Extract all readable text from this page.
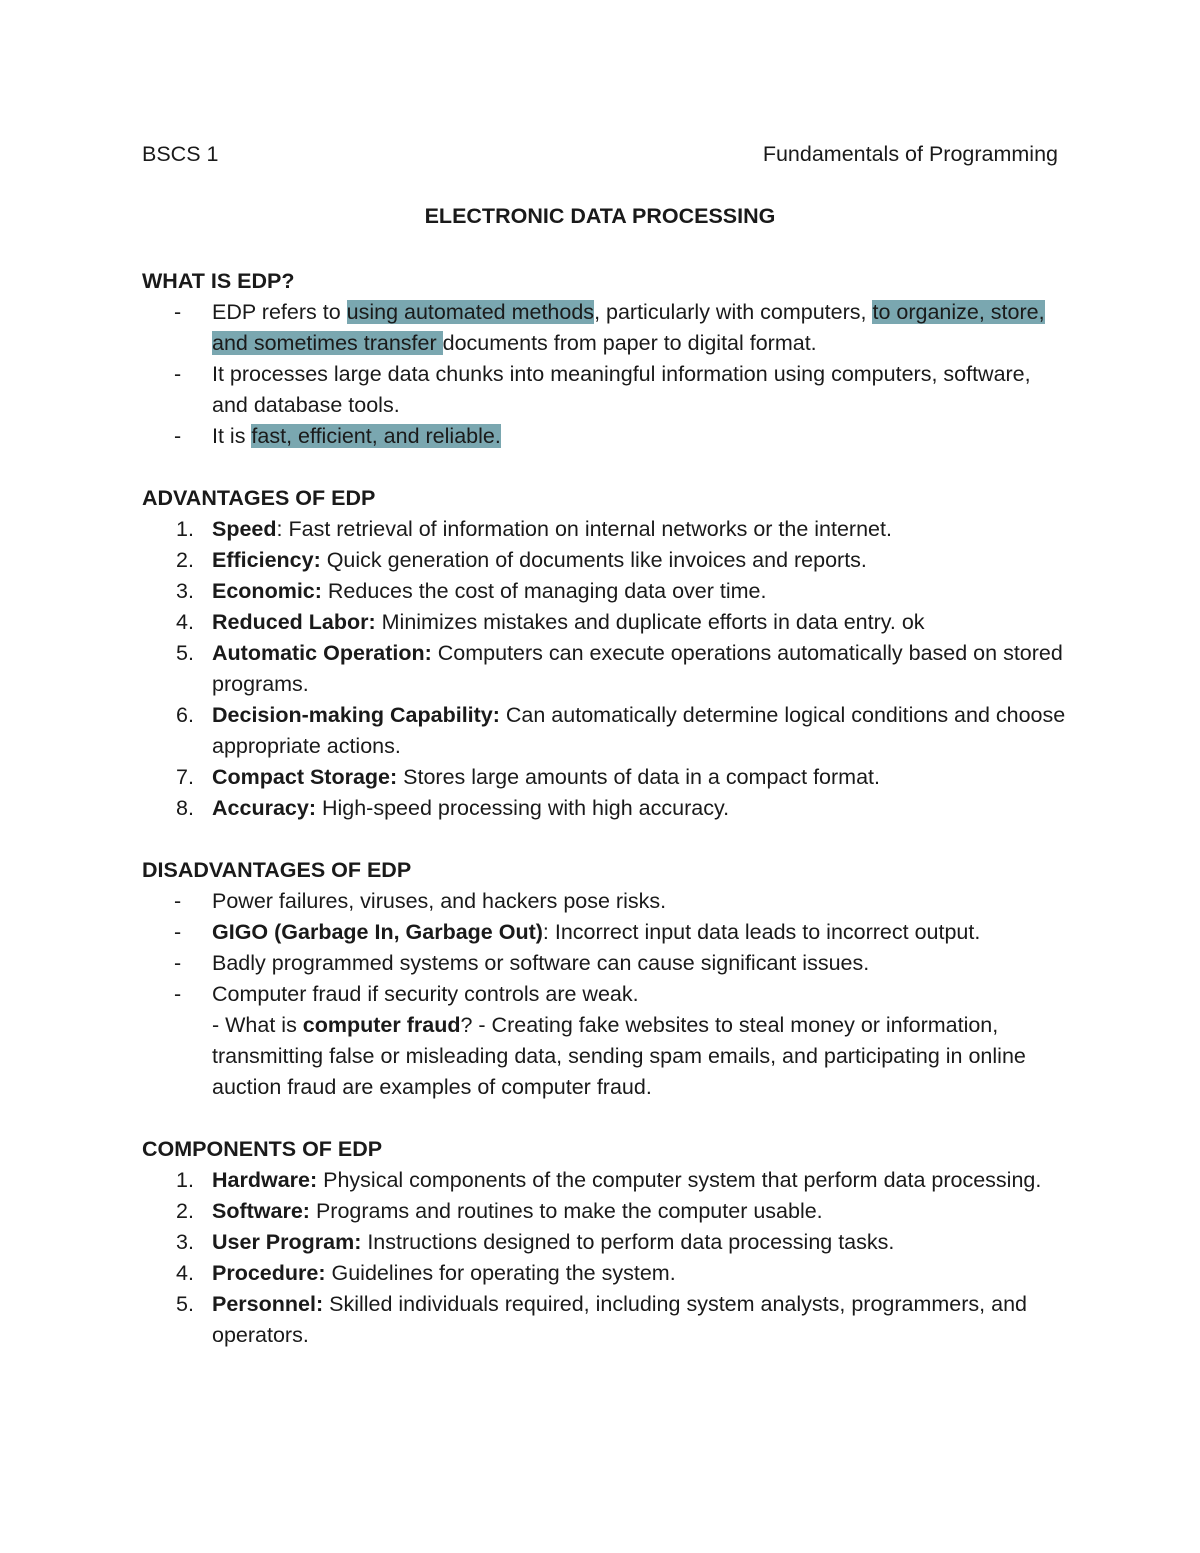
BSCS 1	Fundamentals of Programming
ELECTRONIC DATA PROCESSING
WHAT IS EDP?
- EDP refers to using automated methods, particularly with computers, to organize, store, and sometimes transfer documents from paper to digital format.
- It processes large data chunks into meaningful information using computers, software, and database tools.
- It is fast, efficient, and reliable.
ADVANTAGES OF EDP
1. Speed: Fast retrieval of information on internal networks or the internet.
2. Efficiency: Quick generation of documents like invoices and reports.
3. Economic: Reduces the cost of managing data over time.
4. Reduced Labor: Minimizes mistakes and duplicate efforts in data entry. ok
5. Automatic Operation: Computers can execute operations automatically based on stored programs.
6. Decision-making Capability: Can automatically determine logical conditions and choose appropriate actions.
7. Compact Storage: Stores large amounts of data in a compact format.
8. Accuracy: High-speed processing with high accuracy.
DISADVANTAGES OF EDP
- Power failures, viruses, and hackers pose risks.
- GIGO (Garbage In, Garbage Out): Incorrect input data leads to incorrect output.
- Badly programmed systems or software can cause significant issues.
- Computer fraud if security controls are weak.
- What is computer fraud? - Creating fake websites to steal money or information, transmitting false or misleading data, sending spam emails, and participating in online auction fraud are examples of computer fraud.
COMPONENTS OF EDP
1. Hardware: Physical components of the computer system that perform data processing.
2. Software: Programs and routines to make the computer usable.
3. User Program: Instructions designed to perform data processing tasks.
4. Procedure: Guidelines for operating the system.
5. Personnel: Skilled individuals required, including system analysts, programmers, and operators.
